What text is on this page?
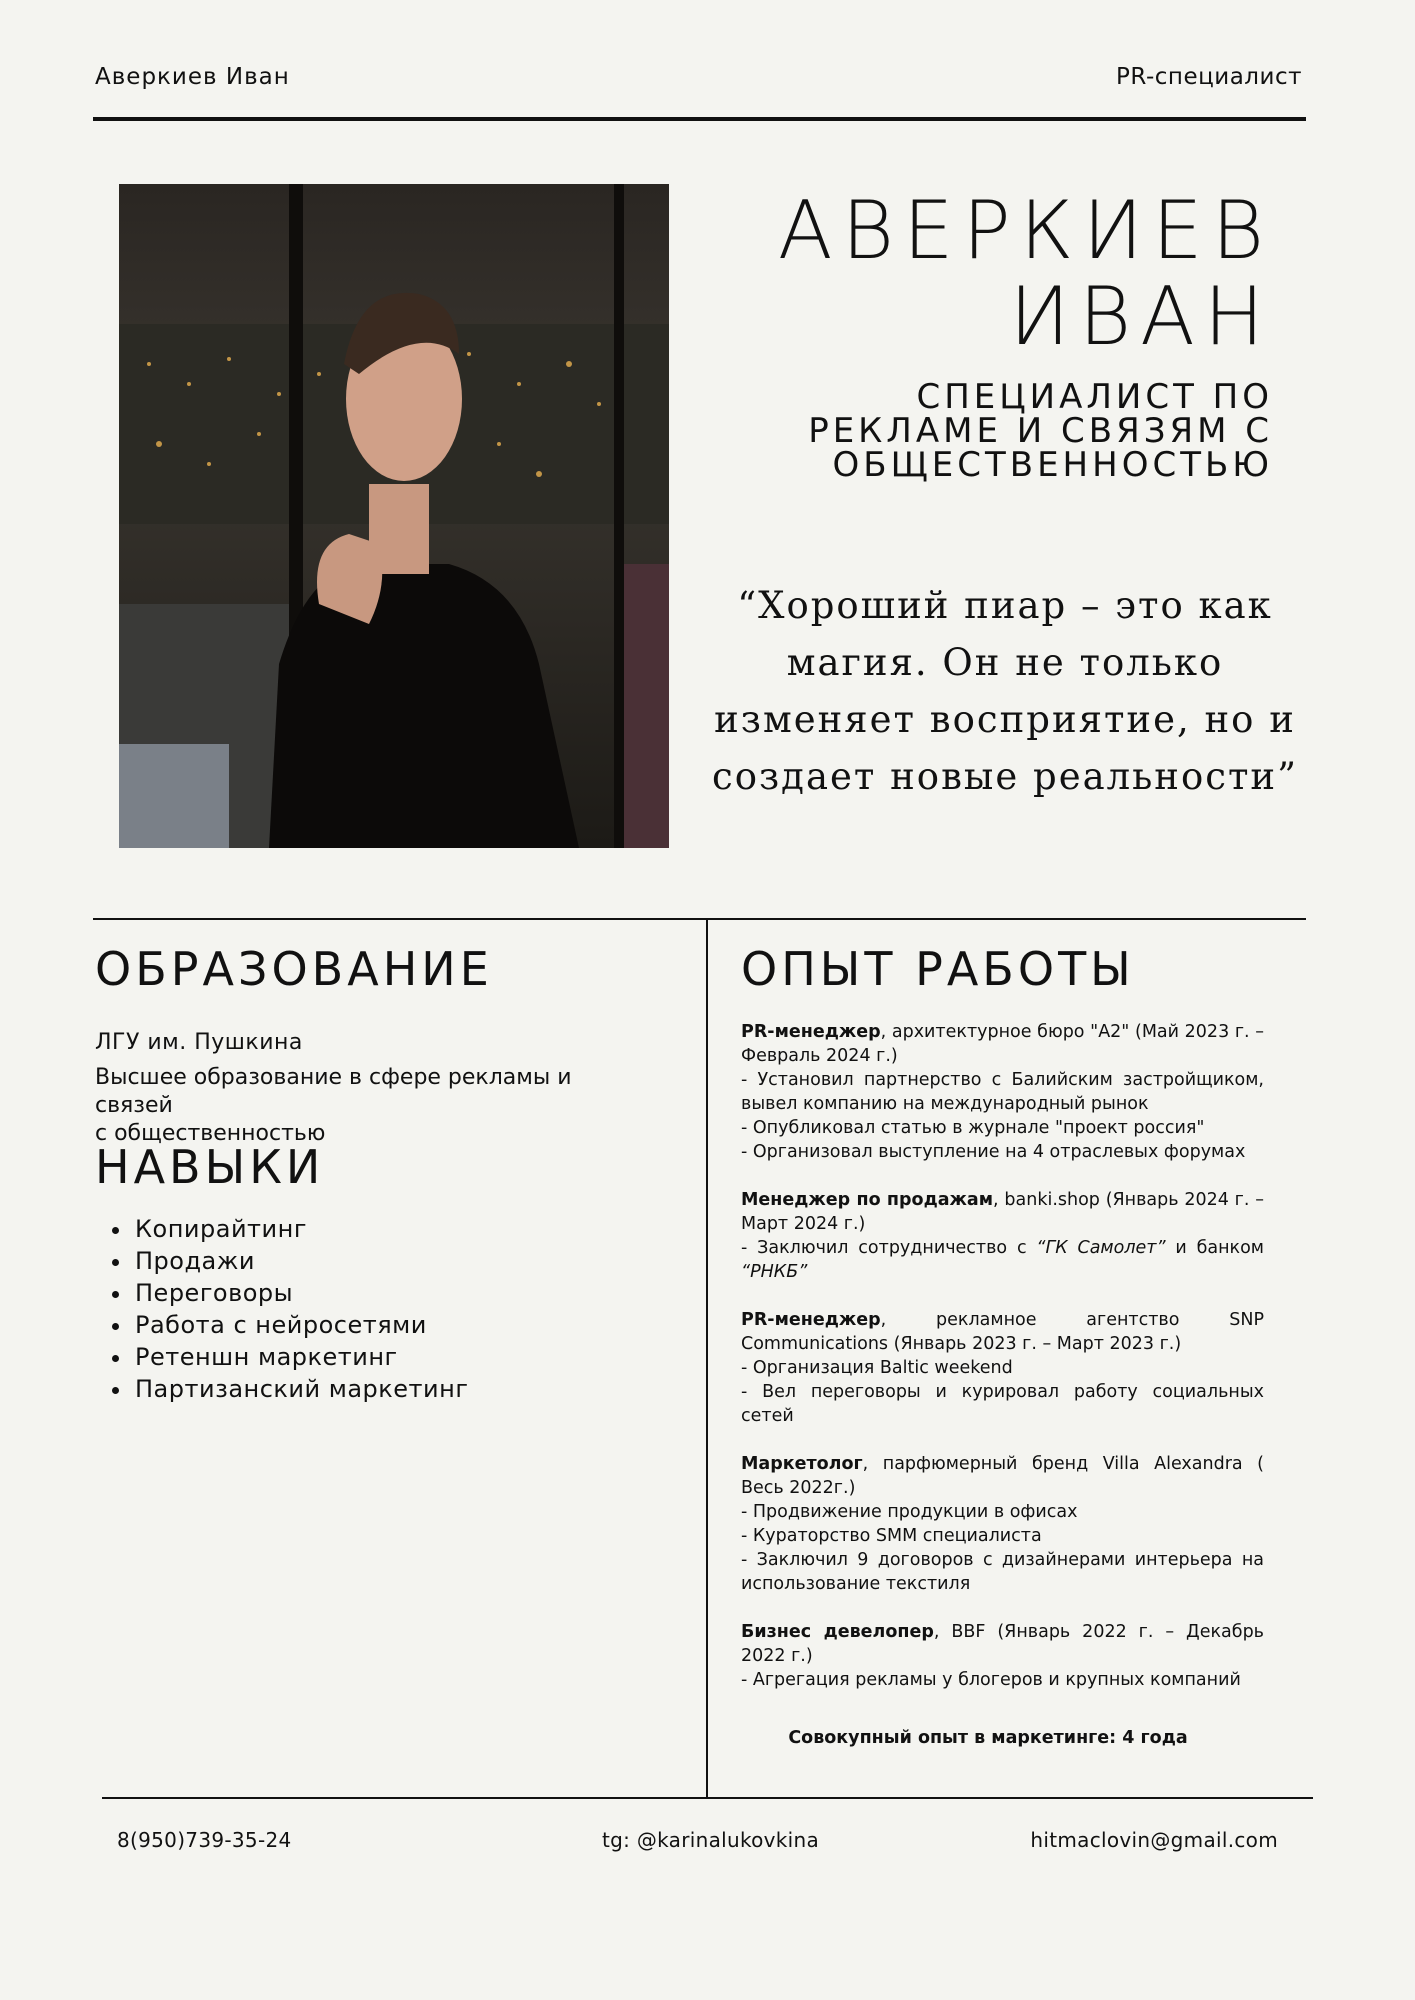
Аверкиев Иван	PR-специалист
АВЕРКИЕВ
ИВАН
СПЕЦИАЛИСТ ПО
РЕКЛАМЕ И СВЯЗЯМ С
ОБЩЕСТВЕННОСТЬЮ
“Хороший пиар – это как
магия. Он не только
изменяет восприятие, но и
создает новые реальности”
ОБРАЗОВАНИЕ
ЛГУ им. Пушкина
Высшее образование в сфере рекламы и связей
с общественностью
НАВЫКИ
• Копирайтинг
• Продажи
• Переговоры
• Работа с нейросетями
• Ретеншн маркетинг
• Партизанский маркетинг
ОПЫТ РАБОТЫ

PR-менеджер, архитектурное бюро "А2" (Май 2023 г. – Февраль 2024 г.)

- Установил партнерство с Балийским застройщиком, вывел компанию на международный рынок

- Опубликовал статью в журнале "проект россия"

- Организовал выступление на 4 отраслевых форумах

Менеджер по продажам, banki.shop (Январь 2024 г. – Март 2024 г.)

- Заключил сотрудничество с “ГК Самолет” и банком “РНКБ”

PR-менеджер, рекламное агентство SNP Communications (Январь 2023 г. – Март 2023 г.)

- Организация Baltic weekend

- Вел переговоры и курировал работу социальных сетей

Маркетолог, парфюмерный бренд Villa Alexandra ( Весь 2022г.)

- Продвижение продукции в офисах

- Кураторство SMM специалиста

- Заключил 9 договоров с дизайнерами интерьера на использование текстиля

Бизнес девелопер, BBF (Январь 2022 г. – Декабрь 2022 г.)

- Агрегация рекламы у блогеров и крупных компаний

Совокупный опыт в маркетинге: 4 года
8(950)739-35-24	tg: @karinalukovkina	hitmaclovin@gmail.com
